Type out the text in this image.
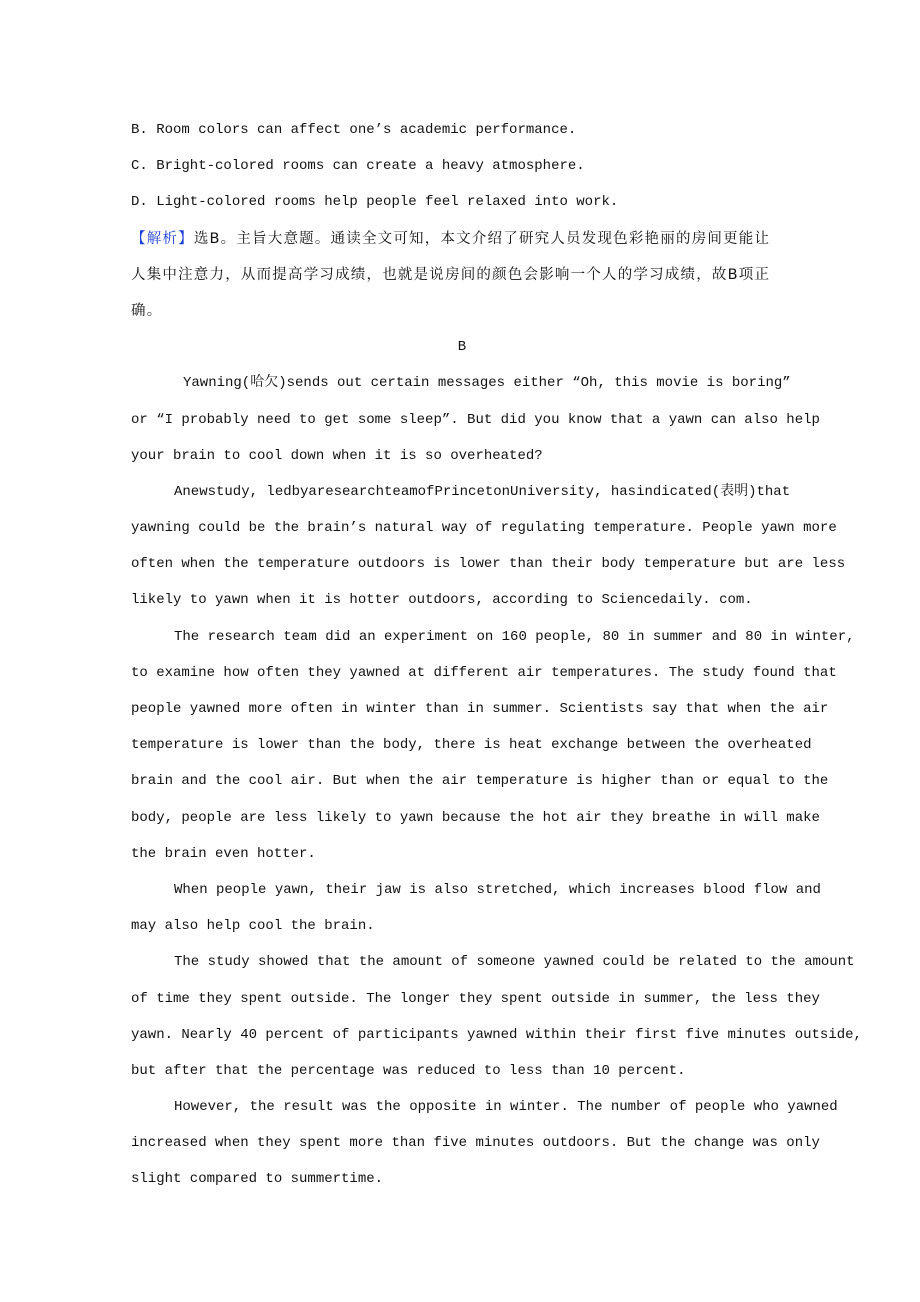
B. Room colors can affect one’s academic performance.
C. Bright-colored rooms can create a heavy atmosphere.
D. Light-colored rooms help people feel relaxed into work.
【解析】选B。主旨大意题。通读全文可知，本文介绍了研究人员发现色彩艳丽的房间更能让
人集中注意力，从而提高学习成绩，也就是说房间的颜色会影响一个人的学习成绩，故B项正
确。
B
Yawning(哈欠)sends out certain messages either “Oh, this movie is boring”
or “I probably need to get some sleep”. But did you know that a yawn can also help
your brain to cool down when it is so overheated?
Anewstudy, ledbyaresearchteamofPrincetonUniversity, hasindicated(表明)that
yawning could be the brain’s natural way of regulating temperature. People yawn more
often when the temperature outdoors is lower than their body temperature but are less
likely to yawn when it is hotter outdoors, according to Sciencedaily. com.
The research team did an experiment on 160 people, 80 in summer and 80 in winter,
to examine how often they yawned at different air temperatures. The study found that
people yawned more often in winter than in summer. Scientists say that when the air
temperature is lower than the body, there is heat exchange between the overheated
brain and the cool air. But when the air temperature is higher than or equal to the
body, people are less likely to yawn because the hot air they breathe in will make
the brain even hotter.
When people yawn, their jaw is also stretched, which increases blood flow and
may also help cool the brain.
The study showed that the amount of someone yawned could be related to the amount
of time they spent outside. The longer they spent outside in summer, the less they
yawn. Nearly 40 percent of participants yawned within their first five minutes outside,
but after that the percentage was reduced to less than 10 percent.
However, the result was the opposite in winter. The number of people who yawned
increased when they spent more than five minutes outdoors. But the change was only
slight compared to summertime.
